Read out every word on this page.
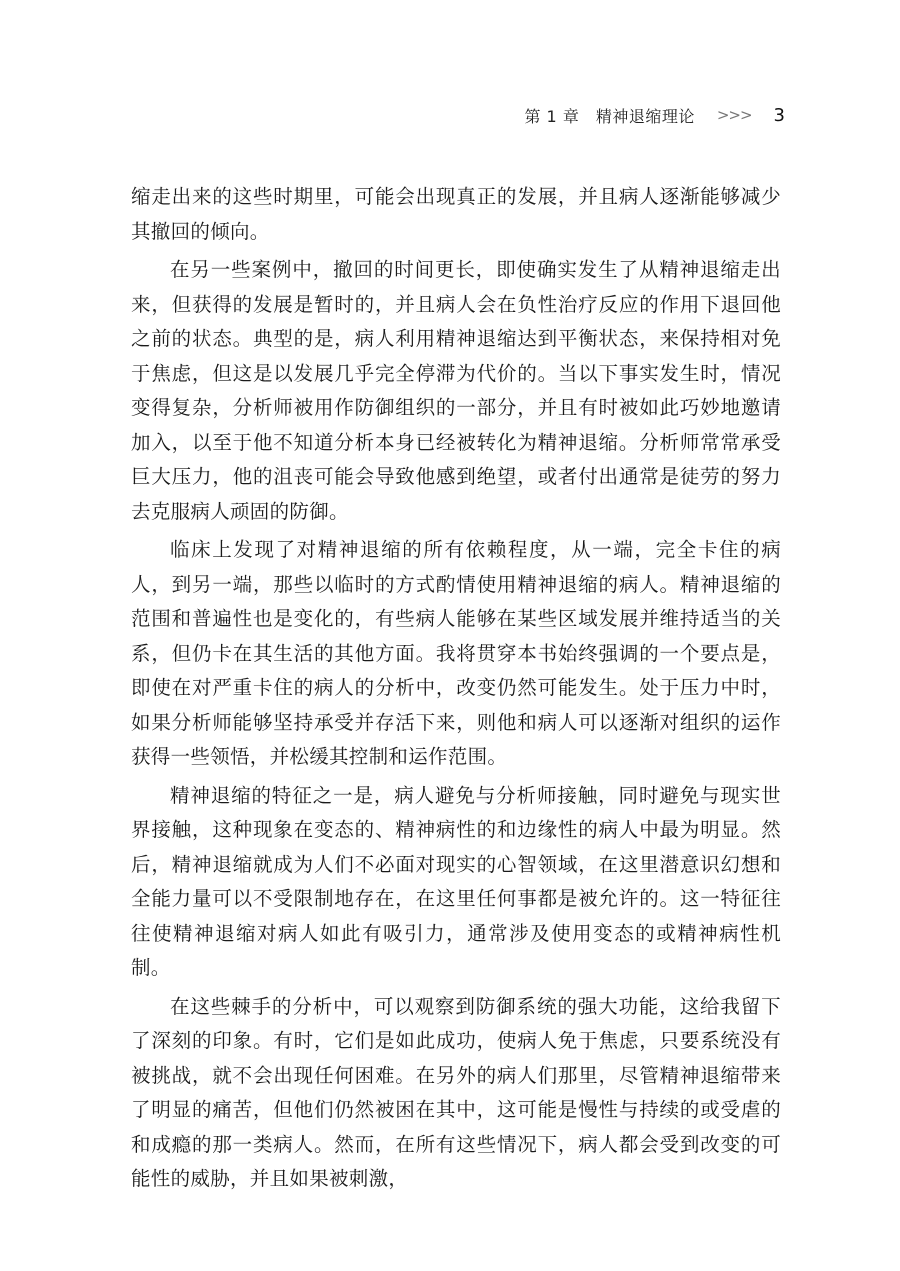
第 1 章　精神退缩理论 >>> 3

缩走出来的这些时期里，可能会出现真正的发展，并且病人逐渐能够减少其撤回的倾向。

在另一些案例中，撤回的时间更长，即使确实发生了从精神退缩走出来，但获得的发展是暂时的，并且病人会在负性治疗反应的作用下退回他之前的状态。典型的是，病人利用精神退缩达到平衡状态，来保持相对免于焦虑，但这是以发展几乎完全停滞为代价的。当以下事实发生时，情况变得复杂，分析师被用作防御组织的一部分，并且有时被如此巧妙地邀请加入，以至于他不知道分析本身已经被转化为精神退缩。分析师常常承受巨大压力，他的沮丧可能会导致他感到绝望，或者付出通常是徒劳的努力去克服病人顽固的防御。

临床上发现了对精神退缩的所有依赖程度，从一端，完全卡住的病人，到另一端，那些以临时的方式酌情使用精神退缩的病人。精神退缩的范围和普遍性也是变化的，有些病人能够在某些区域发展并维持适当的关系，但仍卡在其生活的其他方面。我将贯穿本书始终强调的一个要点是，即使在对严重卡住的病人的分析中，改变仍然可能发生。处于压力中时，如果分析师能够坚持承受并存活下来，则他和病人可以逐渐对组织的运作获得一些领悟，并松缓其控制和运作范围。

精神退缩的特征之一是，病人避免与分析师接触，同时避免与现实世界接触，这种现象在变态的、精神病性的和边缘性的病人中最为明显。然后，精神退缩就成为人们不必面对现实的心智领域，在这里潜意识幻想和全能力量可以不受限制地存在，在这里任何事都是被允许的。这一特征往往使精神退缩对病人如此有吸引力，通常涉及使用变态的或精神病性机制。

在这些棘手的分析中，可以观察到防御系统的强大功能，这给我留下了深刻的印象。有时，它们是如此成功，使病人免于焦虑，只要系统没有被挑战，就不会出现任何困难。在另外的病人们那里，尽管精神退缩带来了明显的痛苦，但他们仍然被困在其中，这可能是慢性与持续的或受虐的和成瘾的那一类病人。然而，在所有这些情况下，病人都会受到改变的可能性的威胁，并且如果被刺激，
